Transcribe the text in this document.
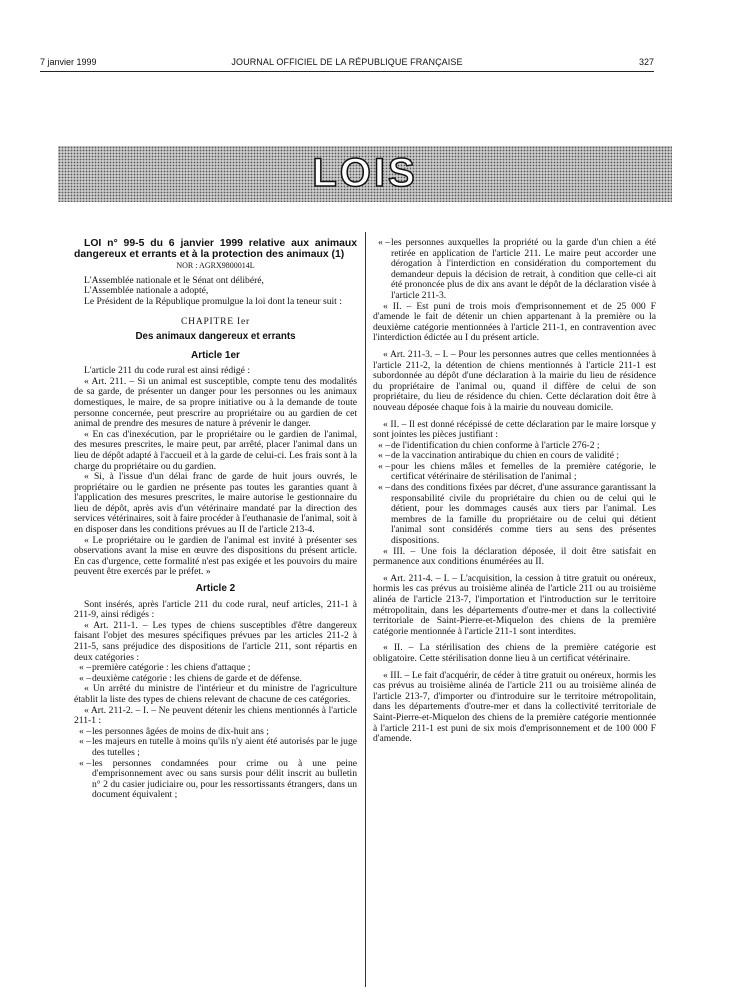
7 janvier 1999	JOURNAL OFFICIEL DE LA RÉPUBLIQUE FRANÇAISE	327
LOIS

LOI n° 99-5 du 6 janvier 1999 relative aux animaux dangereux et errants et à la protection des animaux (1)

NOR : AGRX9800014L

L'Assemblée nationale et le Sénat ont délibéré,

L'Assemblée nationale a adopté,

Le Président de la République promulgue la loi dont la teneur suit :

CHAPITRE Ier
Des animaux dangereux et errants
Article 1er

L'article 211 du code rural est ainsi rédigé :

« Art. 211. – Si un animal est susceptible, compte tenu des modalités de sa garde, de présenter un danger pour les personnes ou les animaux domestiques, le maire, de sa propre initiative ou à la demande de toute personne concernée, peut prescrire au propriétaire ou au gardien de cet animal de prendre des mesures de nature à prévenir le danger.

« En cas d'inexécution, par le propriétaire ou le gardien de l'animal, des mesures prescrites, le maire peut, par arrêté, placer l'animal dans un lieu de dépôt adapté à l'accueil et à la garde de celui-ci. Les frais sont à la charge du propriétaire ou du gardien.

« Si, à l'issue d'un délai franc de garde de huit jours ouvrés, le propriétaire ou le gardien ne présente pas toutes les garanties quant à l'application des mesures prescrites, le maire autorise le gestionnaire du lieu de dépôt, après avis d'un vétérinaire mandaté par la direction des services vétérinaires, soit à faire procéder à l'euthanasie de l'animal, soit à en disposer dans les conditions prévues au II de l'article 213-4.

« Le propriétaire ou le gardien de l'animal est invité à présenter ses observations avant la mise en œuvre des dispositions du présent article. En cas d'urgence, cette formalité n'est pas exigée et les pouvoirs du maire peuvent être exercés par le préfet. »

Article 2

Sont insérés, après l'article 211 du code rural, neuf articles, 211-1 à 211-9, ainsi rédigés :

« Art. 211-1. – Les types de chiens susceptibles d'être dangereux faisant l'objet des mesures spécifiques prévues par les articles 211-2 à 211-5, sans préjudice des dispositions de l'article 211, sont répartis en deux catégories :

« – première catégorie : les chiens d'attaque ;

« – deuxième catégorie : les chiens de garde et de défense.

« Un arrêté du ministre de l'intérieur et du ministre de l'agriculture établit la liste des types de chiens relevant de chacune de ces catégories.

« Art. 211-2. – I. – Ne peuvent détenir les chiens mentionnés à l'article 211-1 :

« – les personnes âgées de moins de dix-huit ans ;

« – les majeurs en tutelle à moins qu'ils n'y aient été autorisés par le juge des tutelles ;

« – les personnes condamnées pour crime ou à une peine d'emprisonnement avec ou sans sursis pour délit inscrit au bulletin n° 2 du casier judiciaire ou, pour les ressortissants étrangers, dans un document équivalent ;

« – les personnes auxquelles la propriété ou la garde d'un chien a été retirée en application de l'article 211. Le maire peut accorder une dérogation à l'interdiction en considération du comportement du demandeur depuis la décision de retrait, à condition que celle-ci ait été prononcée plus de dix ans avant le dépôt de la déclaration visée à l'article 211-3.

« II. – Est puni de trois mois d'emprisonnement et de 25 000 F d'amende le fait de détenir un chien appartenant à la première ou la deuxième catégorie mentionnées à l'article 211-1, en contravention avec l'interdiction édictée au I du présent article.

« Art. 211-3. – I. – Pour les personnes autres que celles mentionnées à l'article 211-2, la détention de chiens mentionnés à l'article 211-1 est subordonnée au dépôt d'une déclaration à la mairie du lieu de résidence du propriétaire de l'animal ou, quand il diffère de celui de son propriétaire, du lieu de résidence du chien. Cette déclaration doit être à nouveau déposée chaque fois à la mairie du nouveau domicile.

« II. – Il est donné récépissé de cette déclaration par le maire lorsque y sont jointes les pièces justifiant :

« – de l'identification du chien conforme à l'article 276-2 ;

« – de la vaccination antirabique du chien en cours de validité ;

« – pour les chiens mâles et femelles de la première catégorie, le certificat vétérinaire de stérilisation de l'animal ;

« – dans des conditions fixées par décret, d'une assurance garantissant la responsabilité civile du propriétaire du chien ou de celui qui le détient, pour les dommages causés aux tiers par l'animal. Les membres de la famille du propriétaire ou de celui qui détient l'animal sont considérés comme tiers au sens des présentes dispositions.

« III. – Une fois la déclaration déposée, il doit être satisfait en permanence aux conditions énumérées au II.

« Art. 211-4. – I. – L'acquisition, la cession à titre gratuit ou onéreux, hormis les cas prévus au troisième alinéa de l'article 211 ou au troisième alinéa de l'article 213-7, l'importation et l'introduction sur le territoire métropolitain, dans les départements d'outre-mer et dans la collectivité territoriale de Saint-Pierre-et-Miquelon des chiens de la première catégorie mentionnée à l'article 211-1 sont interdites.

« II. – La stérilisation des chiens de la première catégorie est obligatoire. Cette stérilisation donne lieu à un certificat vétérinaire.

« III. – Le fait d'acquérir, de céder à titre gratuit ou onéreux, hormis les cas prévus au troisième alinéa de l'article 211 ou au troisième alinéa de l'article 213-7, d'importer ou d'introduire sur le territoire métropolitain, dans les départements d'outre-mer et dans la collectivité territoriale de Saint-Pierre-et-Miquelon des chiens de la première catégorie mentionnée à l'article 211-1 est puni de six mois d'emprisonnement et de 100 000 F d'amende.
